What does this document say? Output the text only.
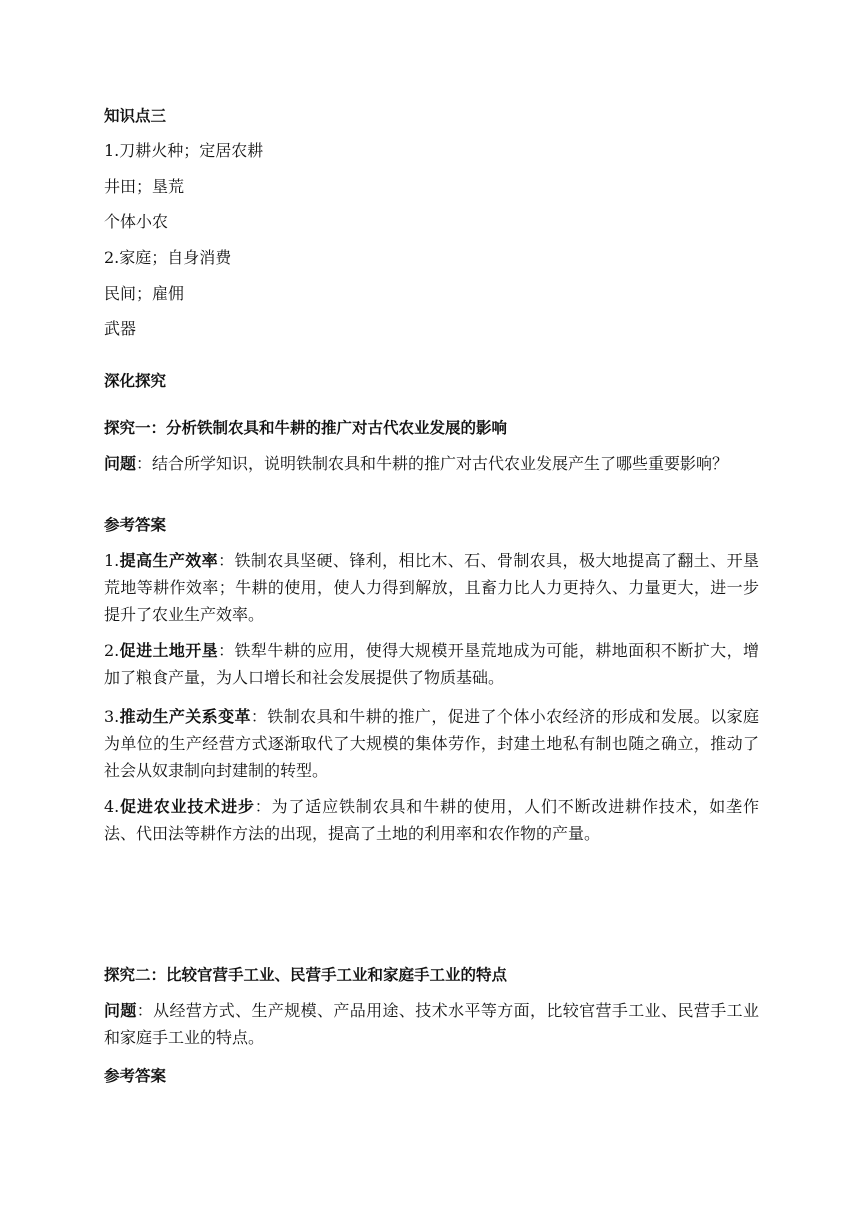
知识点三
1.刀耕火种；定居农耕
井田；垦荒
个体小农
2.家庭；自身消费
民间；雇佣
武器
深化探究
探究一：分析铁制农具和牛耕的推广对古代农业发展的影响
问题：结合所学知识，说明铁制农具和牛耕的推广对古代农业发展产生了哪些重要影响？
参考答案
1.提高生产效率：铁制农具坚硬、锋利，相比木、石、骨制农具，极大地提高了翻土、开垦荒地等耕作效率；牛耕的使用，使人力得到解放，且畜力比人力更持久、力量更大，进一步提升了农业生产效率。
2.促进土地开垦：铁犁牛耕的应用，使得大规模开垦荒地成为可能，耕地面积不断扩大，增加了粮食产量，为人口增长和社会发展提供了物质基础。
3.推动生产关系变革：铁制农具和牛耕的推广，促进了个体小农经济的形成和发展。以家庭为单位的生产经营方式逐渐取代了大规模的集体劳作，封建土地私有制也随之确立，推动了社会从奴隶制向封建制的转型。
4.促进农业技术进步：为了适应铁制农具和牛耕的使用，人们不断改进耕作技术，如垄作法、代田法等耕作方法的出现，提高了土地的利用率和农作物的产量。
探究二：比较官营手工业、民营手工业和家庭手工业的特点
问题：从经营方式、生产规模、产品用途、技术水平等方面，比较官营手工业、民营手工业和家庭手工业的特点。
参考答案
